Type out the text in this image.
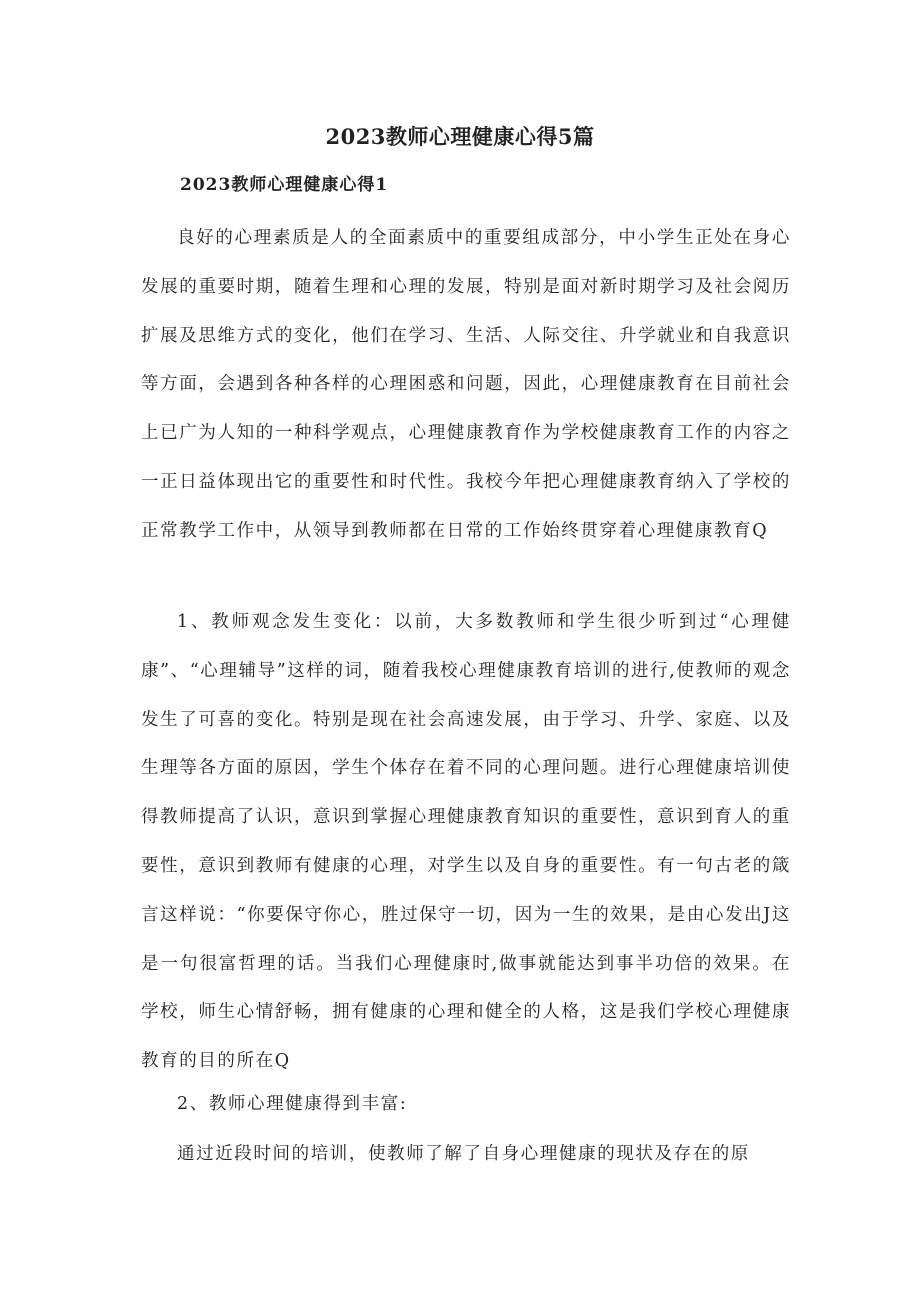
2023教师心理健康心得5篇
2023教师心理健康心得1

良好的心理素质是人的全面素质中的重要组成部分，中小学生正处在身心发展的重要时期，随着生理和心理的发展，特别是面对新时期学习及社会阅历扩展及思维方式的变化，他们在学习、生活、人际交往、升学就业和自我意识等方面，会遇到各种各样的心理困惑和问题，因此，心理健康教育在目前社会上已广为人知的一种科学观点，心理健康教育作为学校健康教育工作的内容之一正日益体现出它的重要性和时代性。我校今年把心理健康教育纳入了学校的正常教学工作中，从领导到教师都在日常的工作始终贯穿着心理健康教育Q

1、教师观念发生变化：以前，大多数教师和学生很少听到过“心理健康”、“心理辅导”这样的词，随着我校心理健康教育培训的进行,使教师的观念发生了可喜的变化。特别是现在社会高速发展，由于学习、升学、家庭、以及生理等各方面的原因，学生个体存在着不同的心理问题。进行心理健康培训使得教师提高了认识，意识到掌握心理健康教育知识的重要性，意识到育人的重要性，意识到教师有健康的心理，对学生以及自身的重要性。有一句古老的箴言这样说：“你要保守你心，胜过保守一切，因为一生的效果，是由心发出J这是一句很富哲理的话。当我们心理健康时,做事就能达到事半功倍的效果。在学校，师生心情舒畅，拥有健康的心理和健全的人格，这是我们学校心理健康教育的目的所在Q

2、教师心理健康得到丰富:

通过近段时间的培训，使教师了解了自身心理健康的现状及存在的原
